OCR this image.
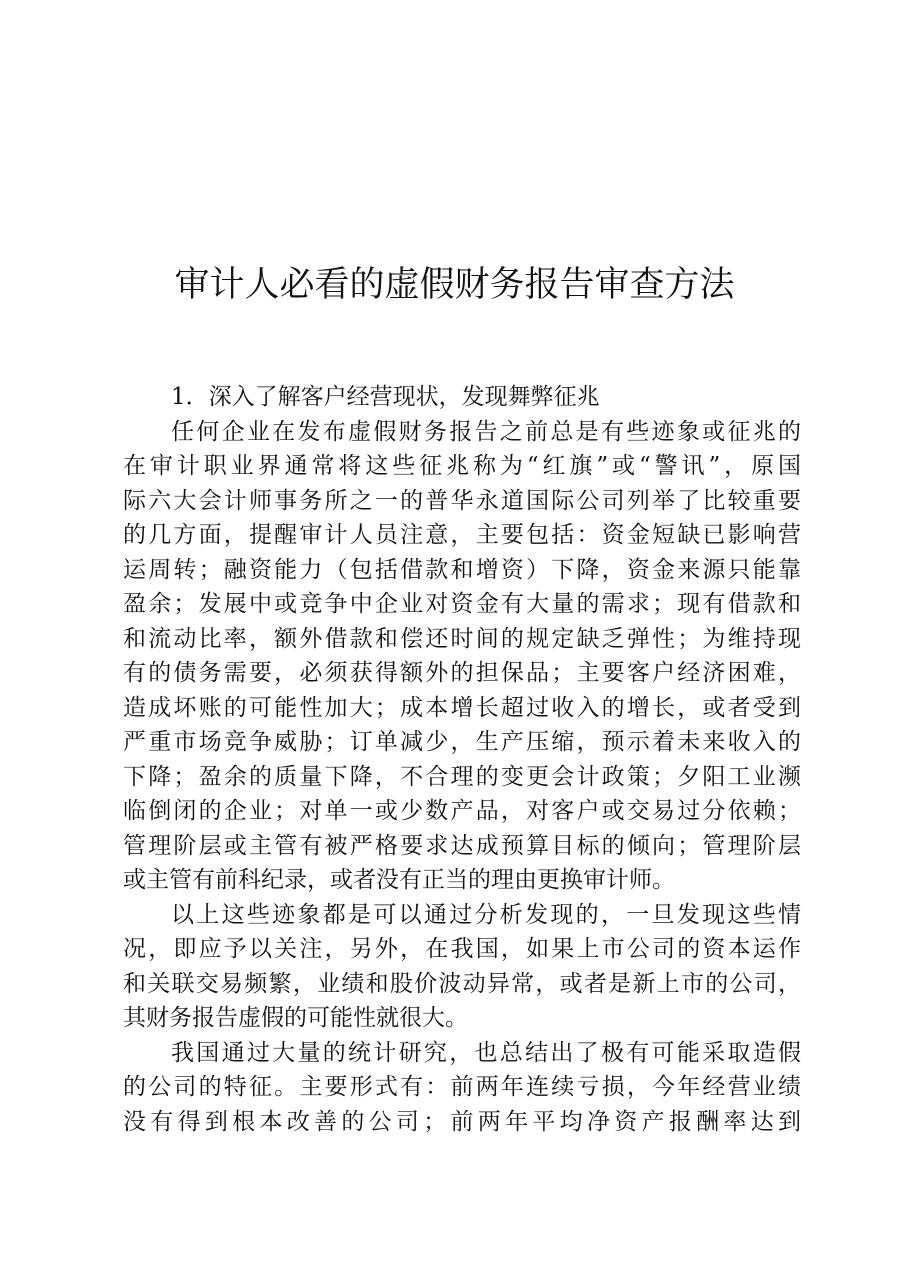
审计人必看的虚假财务报告审查方法
1．深入了解客户经营现状，发现舞弊征兆
任何企业在发布虚假财务报告之前总是有些迹象或征兆的
在审计职业界通常将这些征兆称为“红旗”或“警讯”，原国
际六大会计师事务所之一的普华永道国际公司列举了比较重要
的几方面，提醒审计人员注意，主要包括：资金短缺已影响营
运周转；融资能力（包括借款和增资）下降，资金来源只能靠
盈余；发展中或竞争中企业对资金有大量的需求；现有借款和
和流动比率，额外借款和偿还时间的规定缺乏弹性；为维持现
有的债务需要，必须获得额外的担保品；主要客户经济困难，
造成坏账的可能性加大；成本增长超过收入的增长，或者受到
严重市场竞争威胁；订单减少，生产压缩，预示着未来收入的
下降；盈余的质量下降，不合理的变更会计政策；夕阳工业濒
临倒闭的企业；对单一或少数产品，对客户或交易过分依赖；
管理阶层或主管有被严格要求达成预算目标的倾向；管理阶层
或主管有前科纪录，或者没有正当的理由更换审计师。
以上这些迹象都是可以通过分析发现的，一旦发现这些情
况，即应予以关注，另外，在我国，如果上市公司的资本运作
和关联交易频繁，业绩和股价波动异常，或者是新上市的公司，
其财务报告虚假的可能性就很大。
我国通过大量的统计研究，也总结出了极有可能采取造假
的公司的特征。主要形式有：前两年连续亏损，今年经营业绩
没有得到根本改善的公司；前两年平均净资产报酬率达到
